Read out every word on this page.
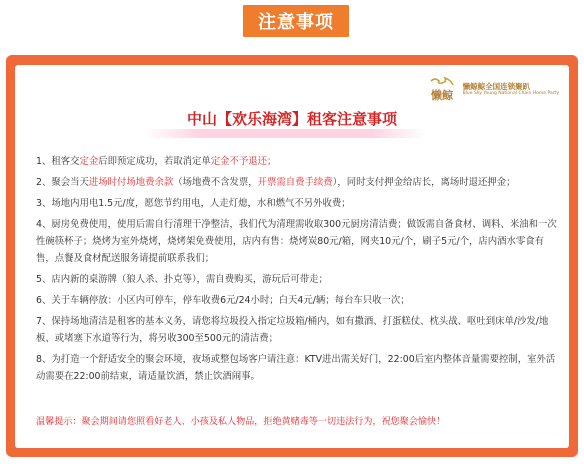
注意事项
懒鲸
懒鲸鲸全国连锁聚趴
Blue Sky Young National Chain Home Party
中山【欢乐海湾】租客注意事项
1、租客交定金后即预定成功，若取消定单定金不予退还；
2、聚会当天进场时付场地费余款（场地费不含发票，开票需自费手续费），同时支付押金给店长，离场时退还押金；
3、场地内用电1.5元/度，愿您节约用电，人走灯熄，水和燃气不另外收费；
4、厨房免费使用，使用后需自行清理干净整洁，我们代为清理需收取300元厨房清洁费；做饭需自备食材、调料、米油和一次性碗筷杯子；烧烤为室外烧烤，烧烤架免费使用，店内有售：烧烤炭80元/箱，网夹10元/个，刷子5元/个，店内酒水零食有售，点餐及食材配送服务请提前联系我们；
5、店内新的桌游牌（狼人杀、扑克等），需自费购买，游玩后可带走；
6、关于车辆停放：小区内可停车，停车收费6元/24小时；白天4元/辆；每台车只收一次；
7、保持场地清洁是租客的基本义务，请您将垃圾投入指定垃圾箱/桶内，如有撒酒、打蛋糕仗、枕头战、呕吐到床单/沙发/地板、或堵塞下水道等行为，将另收300至500元的清洁费；
8、为打造一个舒适安全的聚会环境，夜场或整包场客户请注意：KTV进出需关好门，22:00后室内整体音量需要控制，室外活动需要在22:00前结束，请适量饮酒，禁止饮酒闹事。
温馨提示：聚会期间请您照看好老人、小孩及私人物品，拒绝黄赌毒等一切违法行为，祝您聚会愉快！
